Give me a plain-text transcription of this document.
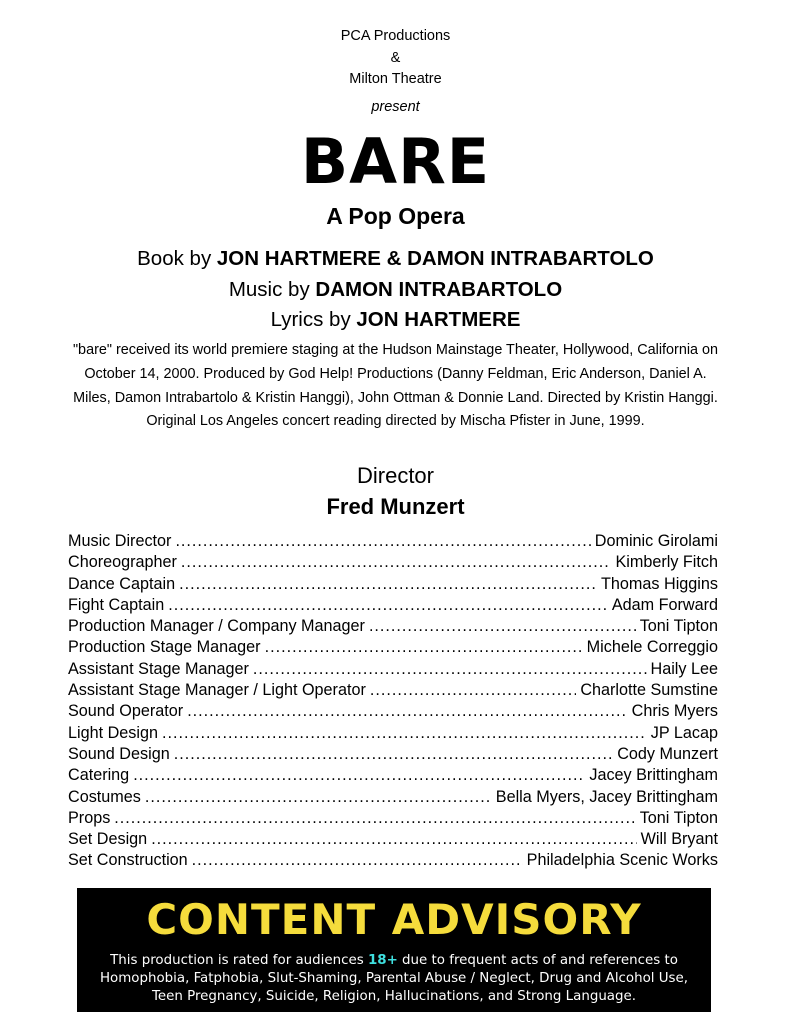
PCA Productions
&
Milton Theatre
present
BARE
A Pop Opera
Book by JON HARTMERE & DAMON INTRABARTOLO
Music by DAMON INTRABARTOLO
Lyrics by JON HARTMERE
"bare" received its world premiere staging at the Hudson Mainstage Theater, Hollywood, California on October 14, 2000. Produced by God Help! Productions (Danny Feldman, Eric Anderson, Daniel A. Miles, Damon Intrabartolo & Kristin Hanggi), John Ottman & Donnie Land. Directed by Kristin Hanggi. Original Los Angeles concert reading directed by Mischa Pfister in June, 1999.
Director
Fred Munzert
Music Director .....	Dominic Girolami
Choreographer .....	Kimberly Fitch
Dance Captain .....	Thomas Higgins
Fight Captain .....	Adam Forward
Production Manager / Company Manager .....	Toni Tipton
Production Stage Manager .....	Michele Correggio
Assistant Stage Manager .....	Haily Lee
Assistant Stage Manager / Light Operator .....	Charlotte Sumstine
Sound Operator .....	Chris Myers
Light Design .....	JP Lacap
Sound Design .....	Cody Munzert
Catering .....	Jacey Brittingham
Costumes .....	Bella Myers, Jacey Brittingham
Props .....	Toni Tipton
Set Design .....	Will Bryant
Set Construction .....	Philadelphia Scenic Works
CONTENT ADVISORY
This production is rated for audiences 18+ due to frequent acts of and references to Homophobia, Fatphobia, Slut-Shaming, Parental Abuse / Neglect, Drug and Alcohol Use, Teen Pregnancy, Suicide, Religion, Hallucinations, and Strong Language.
